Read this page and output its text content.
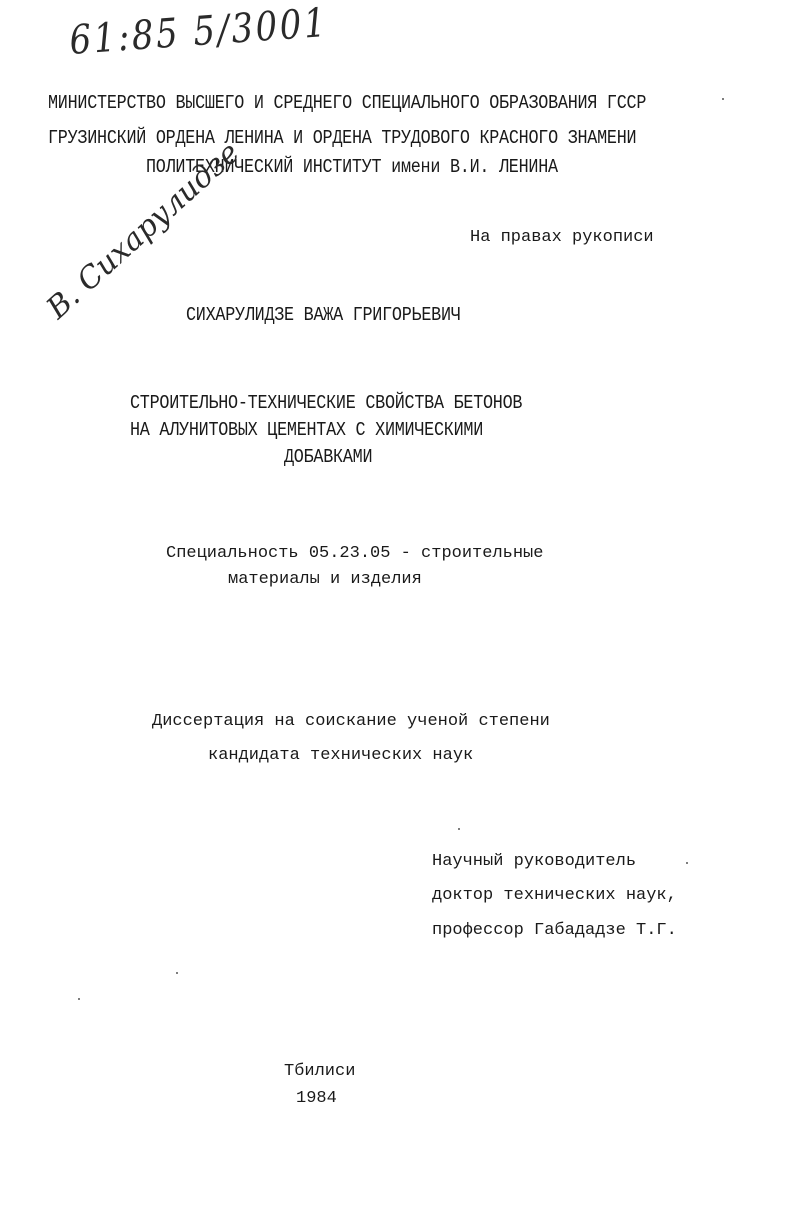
61:85 5/3001
МИНИСТЕРСТВО ВЫСШЕГО И СРЕДНЕГО СПЕЦИАЛЬНОГО ОБРАЗОВАНИЯ ГССР
ГРУЗИНСКИЙ ОРДЕНА ЛЕНИНА И ОРДЕНА ТРУДОВОГО КРАСНОГО ЗНАМЕНИ
ПОЛИТЕХНИЧЕСКИЙ ИНСТИТУТ имени В.И. ЛЕНИНА
На правах рукописи
В. Сихарулидзе
СИХАРУЛИДЗЕ ВАЖА ГРИГОРЬЕВИЧ
СТРОИТЕЛЬНО-ТЕХНИЧЕСКИЕ СВОЙСТВА БЕТОНОВ
НА АЛУНИТОВЫХ ЦЕМЕНТАХ С ХИМИЧЕСКИМИ
ДОБАВКАМИ
Специальность 05.23.05 - строительные
материалы и изделия
Диссертация на соискание ученой степени
кандидата технических наук
Научный руководитель
доктор технических наук,
профессор Габададзе Т.Г.
Тбилиси
1984
